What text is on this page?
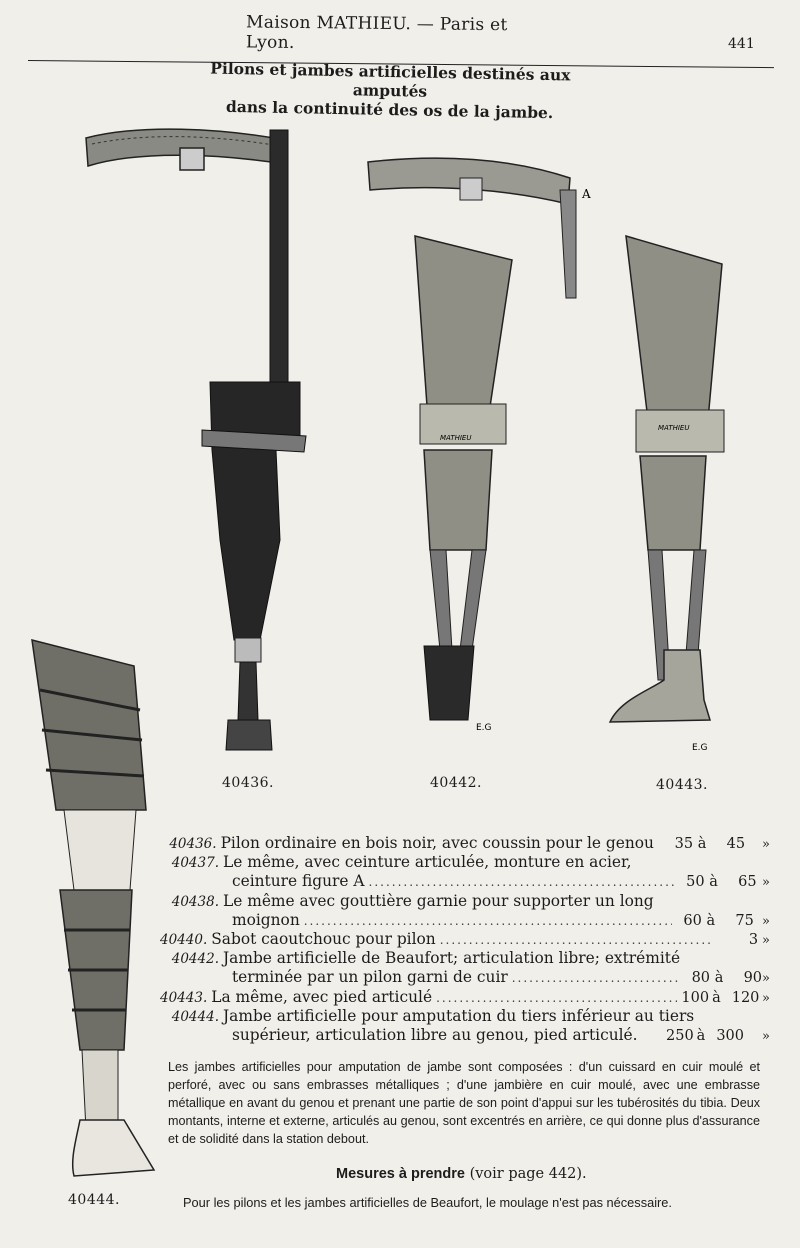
Maison MATHIEU. — Paris et Lyon.	441
Pilons et jambes artificielles destinés aux amputés
dans la continuité des os de la jambe.
A
MATHIEU
E.G
MATHIEU
E.G
40436.	40442.	40443.
40444.
40436. Pilon ordinaire en bois noir, avec coussin pour le genou	35 à 45	»
40437. Le même, avec ceinture articulée, monture en acier,
ceinture figure A .....	50 à 65 »
40438. Le même avec gouttière garnie pour supporter un long
moignon .....	60 à 75 »
40440. Sabot caoutchouc pour pilon .....	3 »
40442. Jambe artificielle de Beaufort; articulation libre; extrémité
terminée par un pilon garni de cuir .....	80 à 90 »
40443. La même, avec pied articulé .....	100 à 120 »
40444. Jambe artificielle pour amputation du tiers inférieur au tiers
supérieur, articulation libre au genou, pied articulé.	250 à 300	»
Les jambes artificielles pour amputation de jambe sont composées : d'un cuissard en cuir moulé et perforé, avec ou sans embrasses métalliques ; d'une jambière en cuir moulé, avec une embrasse métallique en avant du genou et prenant une partie de son point d'appui sur les tubérosités du tibia. Deux montants, interne et externe, articulés au genou, sont excentrés en arrière, ce qui donne plus d'assurance et de solidité dans la station debout.
Mesures à prendre (voir page 442).
Pour les pilons et les jambes artificielles de Beaufort, le moulage n'est pas nécessaire.
